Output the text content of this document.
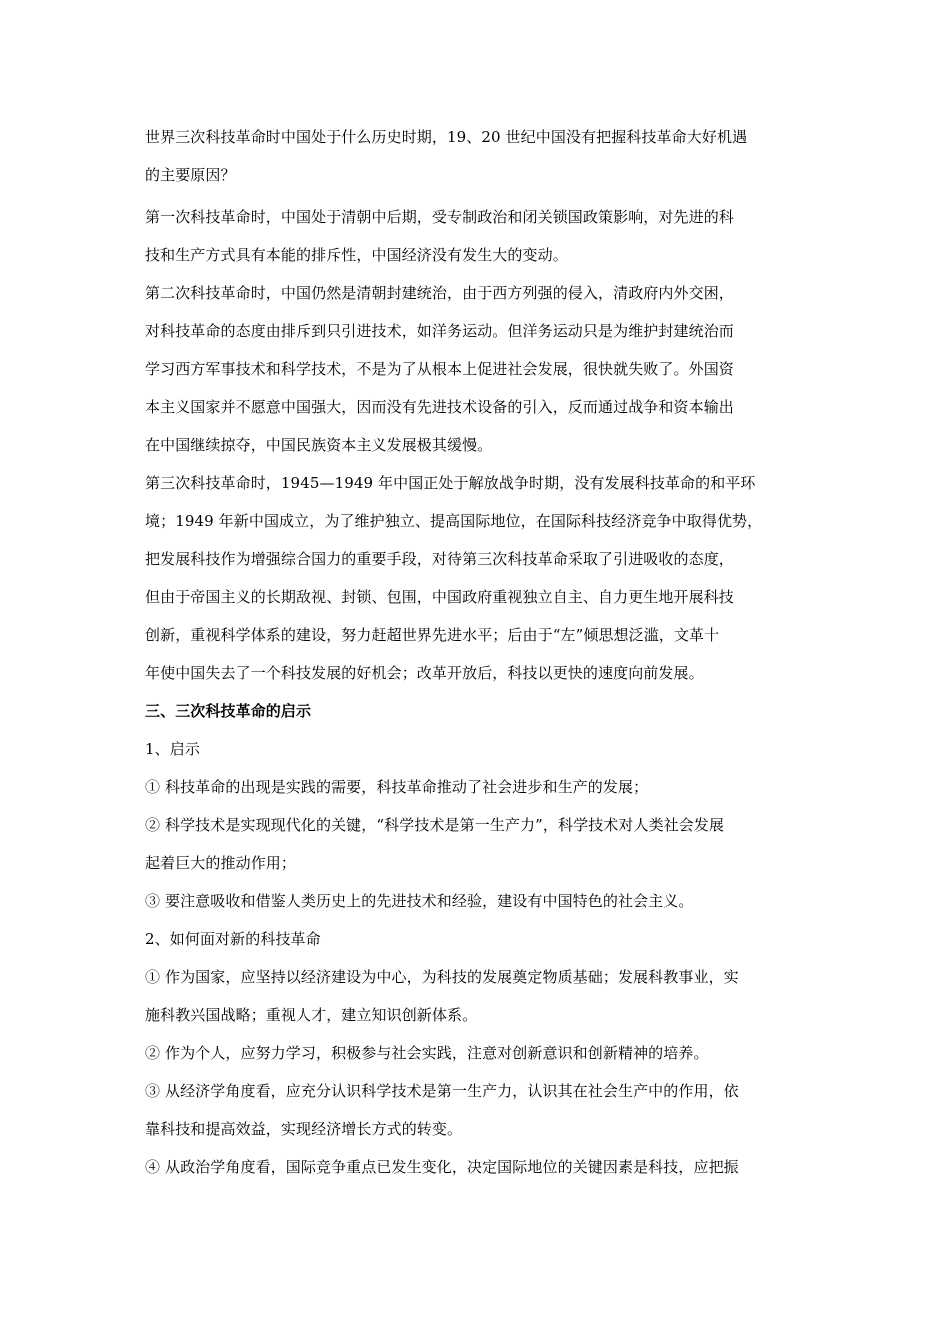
世界三次科技革命时中国处于什么历史时期，19、20 世纪中国没有把握科技革命大好机遇
的主要原因？
第一次科技革命时，中国处于清朝中后期，受专制政治和闭关锁国政策影响，对先进的科
技和生产方式具有本能的排斥性，中国经济没有发生大的变动。
第二次科技革命时，中国仍然是清朝封建统治，由于西方列强的侵入，清政府内外交困，
对科技革命的态度由排斥到只引进技术，如洋务运动。但洋务运动只是为维护封建统治而
学习西方军事技术和科学技术，不是为了从根本上促进社会发展，很快就失败了。外国资
本主义国家并不愿意中国强大，因而没有先进技术设备的引入，反而通过战争和资本输出
在中国继续掠夺，中国民族资本主义发展极其缓慢。
第三次科技革命时，1945—1949 年中国正处于解放战争时期，没有发展科技革命的和平环
境；1949 年新中国成立，为了维护独立、提高国际地位，在国际科技经济竞争中取得优势，
把发展科技作为增强综合国力的重要手段，对待第三次科技革命采取了引进吸收的态度，
但由于帝国主义的长期敌视、封锁、包围，中国政府重视独立自主、自力更生地开展科技
创新，重视科学体系的建设，努力赶超世界先进水平；后由于“左”倾思想泛滥，文革十
年使中国失去了一个科技发展的好机会；改革开放后，科技以更快的速度向前发展。
三、三次科技革命的启示
1、启示
① 科技革命的出现是实践的需要，科技革命推动了社会进步和生产的发展；
② 科学技术是实现现代化的关键，“科学技术是第一生产力”，科学技术对人类社会发展
起着巨大的推动作用；
③ 要注意吸收和借鉴人类历史上的先进技术和经验，建设有中国特色的社会主义。
2、如何面对新的科技革命
① 作为国家，应坚持以经济建设为中心，为科技的发展奠定物质基础；发展科教事业，实
施科教兴国战略；重视人才，建立知识创新体系。
② 作为个人，应努力学习，积极参与社会实践，注意对创新意识和创新精神的培养。
③ 从经济学角度看，应充分认识科学技术是第一生产力，认识其在社会生产中的作用，依
靠科技和提高效益，实现经济增长方式的转变。
④ 从政治学角度看，国际竞争重点已发生变化，决定国际地位的关键因素是科技，应把振
